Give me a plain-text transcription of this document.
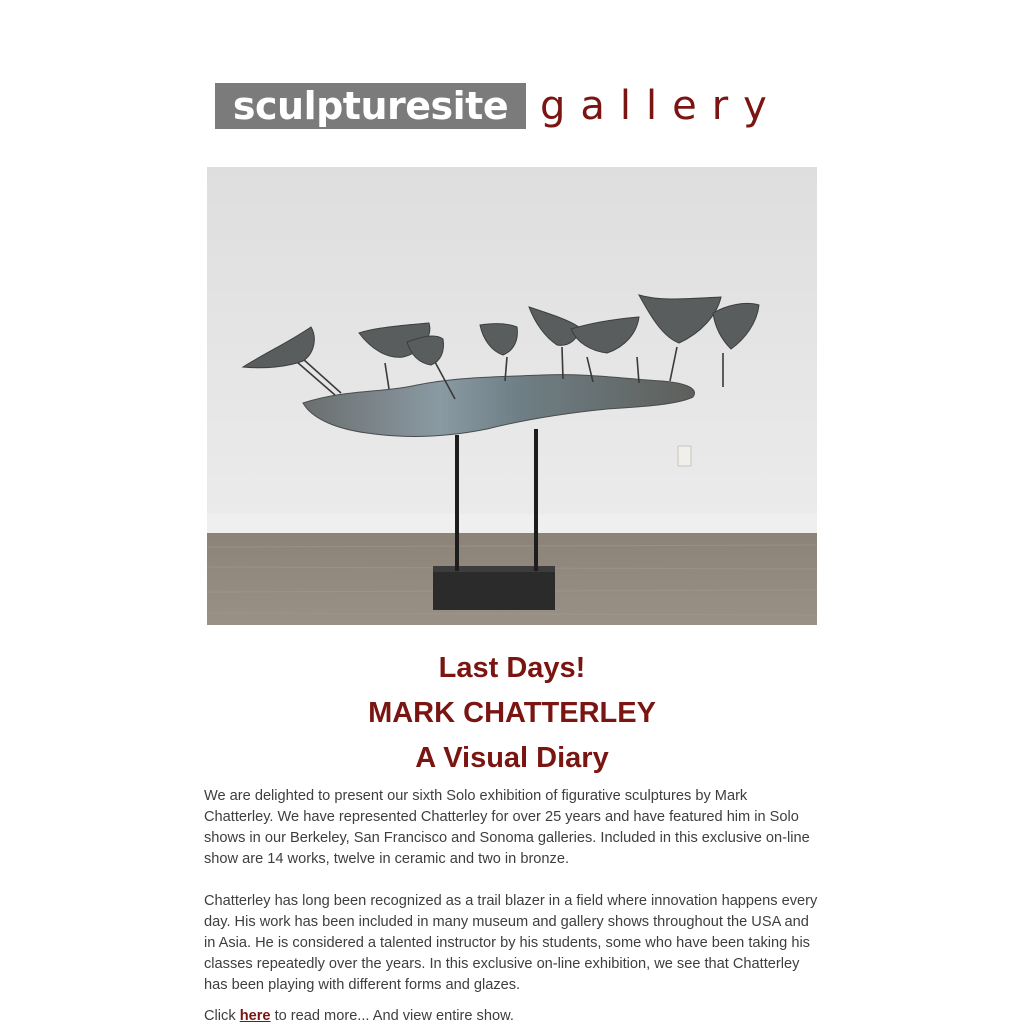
sculpturesite gallery
Last Days!
MARK CHATTERLEY
A Visual Diary

We are delighted to present our sixth Solo exhibition of figurative sculptures by Mark Chatterley. We have represented Chatterley for over 25 years and have featured him in Solo shows in our Berkeley, San Francisco and Sonoma galleries. Included in this exclusive on-line show are 14 works, twelve in ceramic and two in bronze.

Chatterley has long been recognized as a trail blazer in a field where innovation happens every day. His work has been included in many museum and gallery shows throughout the USA and in Asia. He is considered a talented instructor by his students, some who have been taking his classes repeatedly over the years. In this exclusive on-line exhibition, we see that Chatterley has been playing with different forms and glazes.

Click here to read more... And view entire show.
